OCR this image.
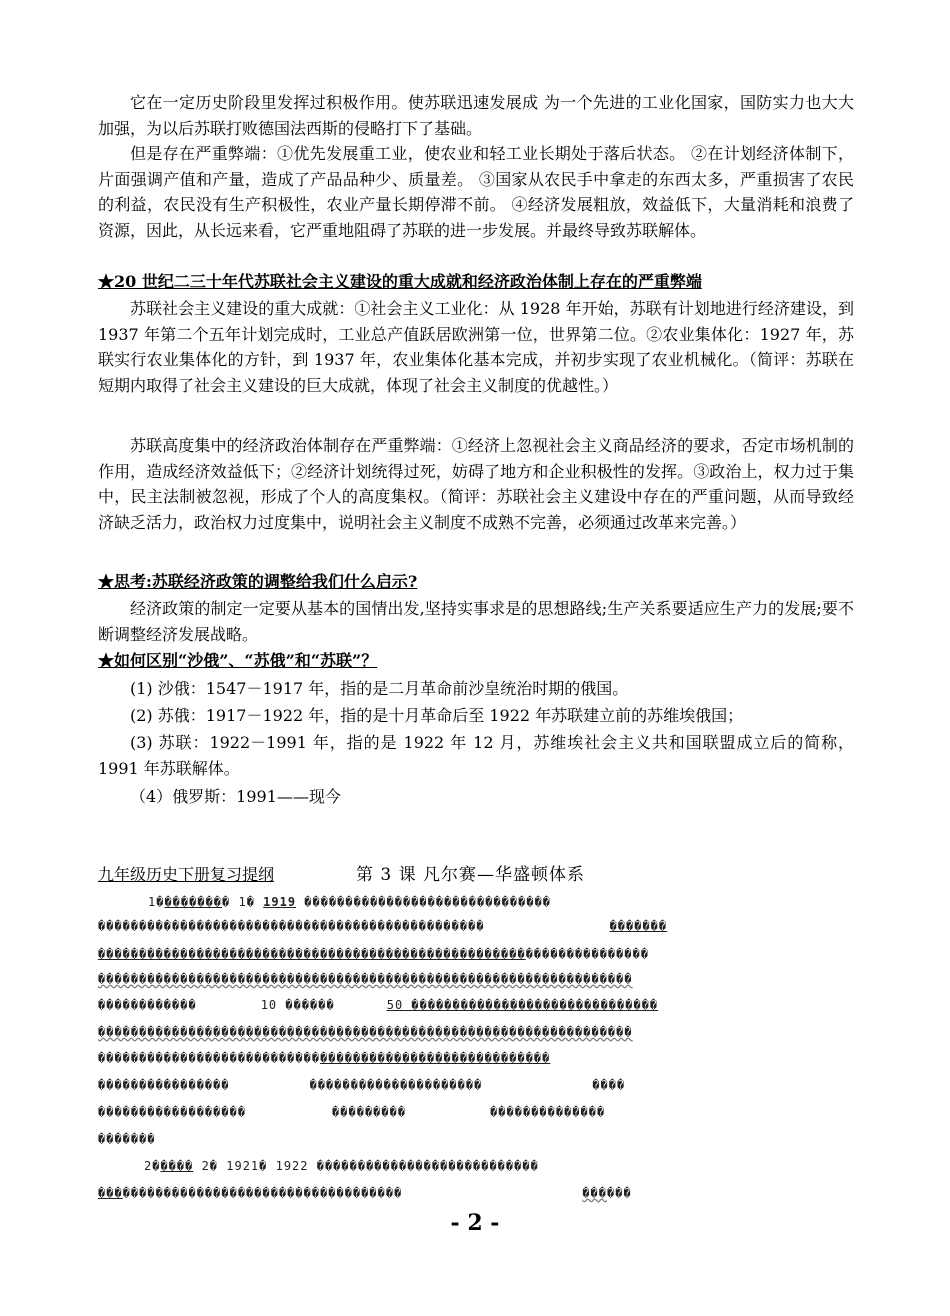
它在一定历史阶段里发挥过积极作用。使苏联迅速发展成 为一个先进的工业化国家，国防实力也大大加强，为以后苏联打败德国法西斯的侵略打下了基础。

但是存在严重弊端：①优先发展重工业，使农业和轻工业长期处于落后状态。 ②在计划经济体制下，片面强调产值和产量，造成了产品品种少、质量差。 ③国家从农民手中拿走的东西太多，严重损害了农民的利益，农民没有生产积极性，农业产量长期停滞不前。 ④经济发展粗放，效益低下，大量消耗和浪费了资源，因此，从长远来看，它严重地阻碍了苏联的进一步发展。并最终导致苏联解体。

★20 世纪二三十年代苏联社会主义建设的重大成就和经济政治体制上存在的严重弊端

苏联社会主义建设的重大成就：①社会主义工业化：从 1928 年开始，苏联有计划地进行经济建设，到 1937 年第二个五年计划完成时，工业总产值跃居欧洲第一位，世界第二位。②农业集体化：1927 年，苏联实行农业集体化的方针，到 1937 年，农业集体化基本完成，并初步实现了农业机械化。（简评：苏联在短期内取得了社会主义建设的巨大成就，体现了社会主义制度的优越性。）

苏联高度集中的经济政治体制存在严重弊端：①经济上忽视社会主义商品经济的要求，否定市场机制的作用，造成经济效益低下；②经济计划统得过死，妨碍了地方和企业积极性的发挥。③政治上，权力过于集中，民主法制被忽视，形成了个人的高度集权。（简评：苏联社会主义建设中存在的严重问题，从而导致经济缺乏活力，政治权力过度集中，说明社会主义制度不成熟不完善，必须通过改革来完善。）

★思考:苏联经济政策的调整给我们什么启示?

经济政策的制定一定要从基本的国情出发,坚持实事求是的思想路线;生产关系要适应生产力的发展;要不断调整经济发展战略。

★如何区别“沙俄”、“苏俄”和“苏联”？
(1) 沙俄：1547－1917 年，指的是二月革命前沙皇统治时期的俄国。
(2) 苏俄：1917－1922 年，指的是十月革命后至 1922 年苏联建立前的苏维埃俄国；

(3) 苏联：1922－1991 年，指的是 1922 年 12 月，苏维埃社会主义共和国联盟成立后的简称，1991 年苏联解体。

（4）俄罗斯：1991——现今
九年级历史下册复习提纲	第 3 课 凡尔赛—华盛顿体系
1��������� 1� 1919 ������������������������������
�����������������������������������������������	�������
�������������������������������������������������������������������
�����������������������������������������������������������������
������������	10 ������	50 ������������������������������
�����������������������������������������������������������������
�������������������������������������������������������
����������������	���������������������	����
������������������	���������	��������������
�������
2����� 2� 1921� 1922 ���������������������������
�������������������������������������	������
- 2 -
